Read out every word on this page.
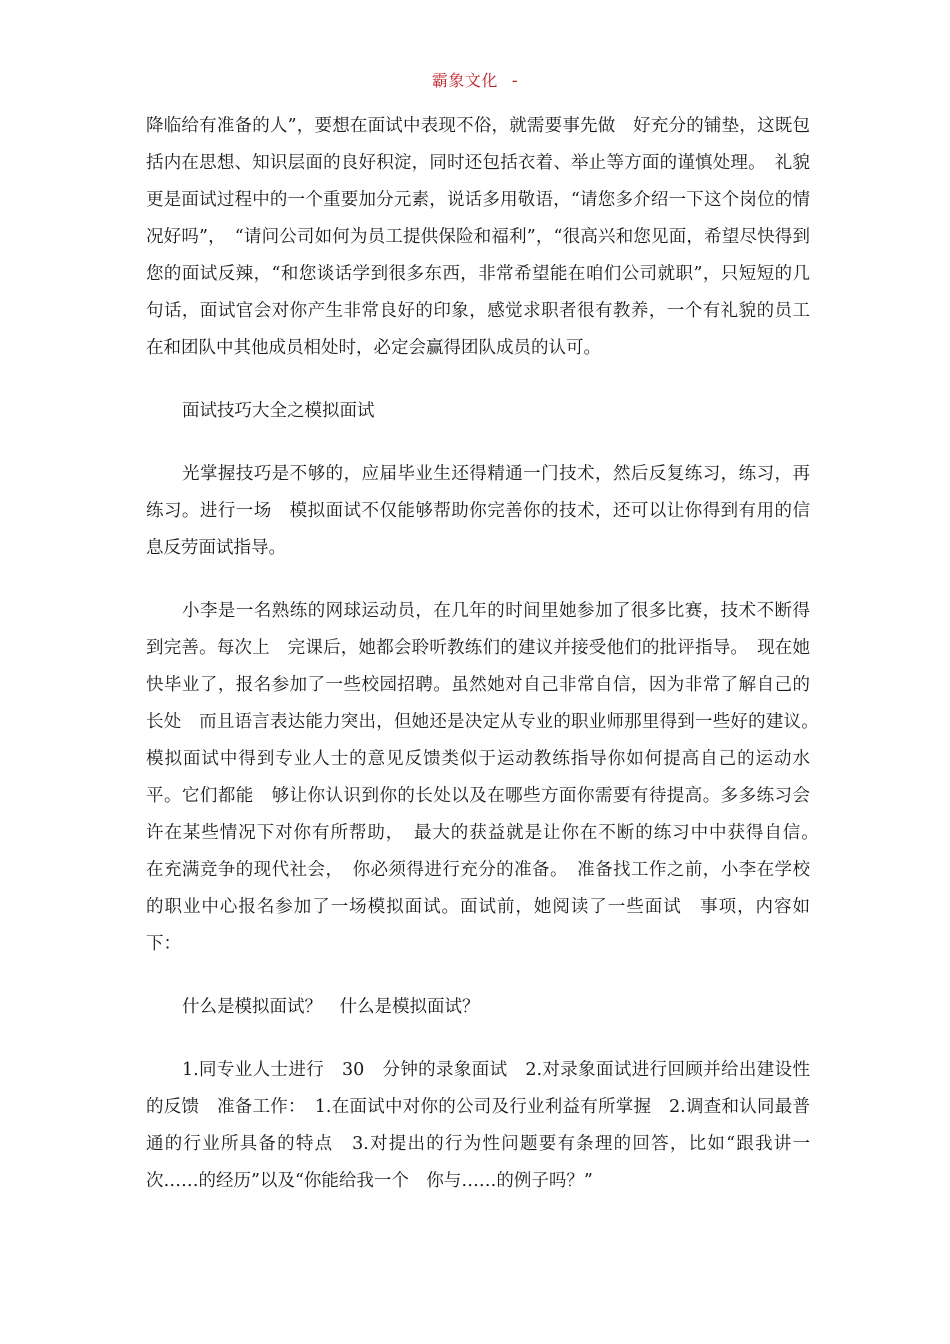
霸象文化 -

降临给有准备的人”，要想在面试中表现不俗，就需要事先做　好充分的铺垫，这既包括内在思想、知识层面的良好积淀，同时还包括衣着、举止等方面的谨慎处理。　礼貌更是面试过程中的一个重要加分元素，说话多用敬语，“请您多介绍一下这个岗位的情况好吗”，　“请问公司如何为员工提供保险和福利”，“很高兴和您见面，希望尽快得到您的面试反辣，“和您谈话学到很多东西，非常希望能在咱们公司就职”，只短短的几句话，面试官会对你产生非常良好的印象，感觉求职者很有教养，一个有礼貌的员工在和团队中其他成员相处时，必定会赢得团队成员的认可。

面试技巧大全之模拟面试

光掌握技巧是不够的，应届毕业生还得精通一门技术，然后反复练习，练习，再练习。进行一场　模拟面试不仅能够帮助你完善你的技术，还可以让你得到有用的信息反劳面试指导。

小李是一名熟练的网球运动员，在几年的时间里她参加了很多比赛，技术不断得到完善。每次上　完课后，她都会聆听教练们的建议并接受他们的批评指导。　现在她快毕业了，报名参加了一些校园招聘。虽然她对自己非常自信，因为非常了解自己的长处　而且语言表达能力突出，但她还是决定从专业的职业师那里得到一些好的建议。　模拟面试中得到专业人士的意见反馈类似于运动教练指导你如何提高自己的运动水平。它们都能　够让你认识到你的长处以及在哪些方面你需要有待提高。多多练习会许在某些情况下对你有所帮助，　最大的获益就是让你在不断的练习中中获得自信。　在充满竞争的现代社会，　你必须得进行充分的准备。　准备找工作之前，小李在学校的职业中心报名参加了一场模拟面试。面试前，她阅读了一些面试　事项，内容如下：

什么是模拟面试？　什么是模拟面试？

1.同专业人士进行　30　分钟的录象面试　2.对录象面试进行回顾并给出建设性的反馈　准备工作：　1.在面试中对你的公司及行业利益有所掌握　2.调查和认同最普通的行业所具备的特点　3.对提出的行为性问题要有条理的回答，比如“跟我讲一次……的经历”以及“你能给我一个　你与……的例子吗？”
